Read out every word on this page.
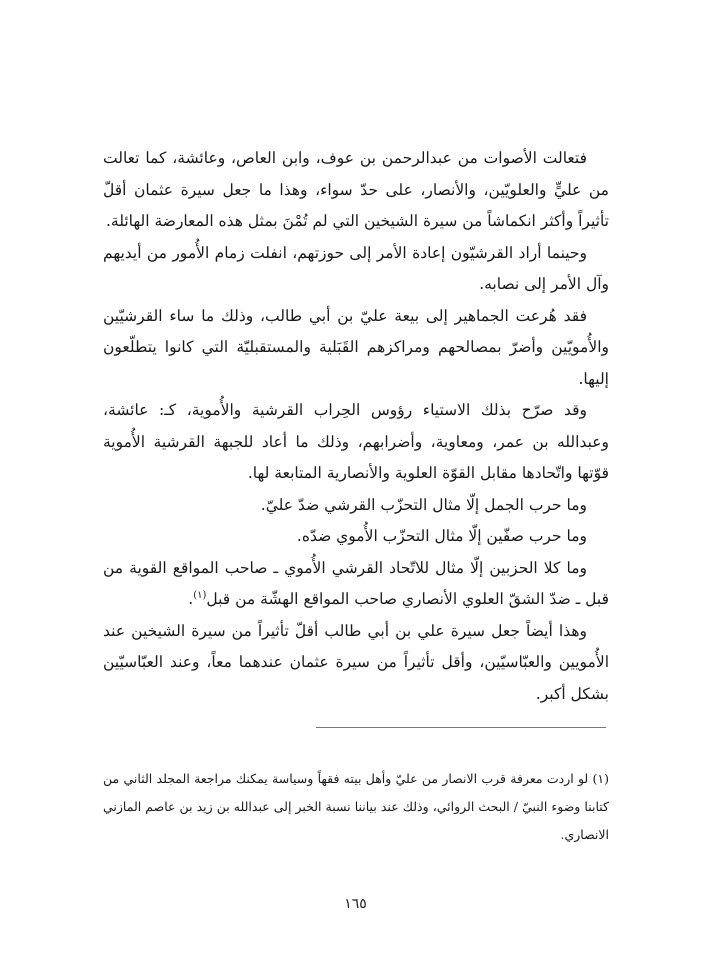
فتعالت الأصوات من عبدالرحمن بن عوف، وابن العاص، وعائشة، كما تعالت من عليٍّ والعلويّين، والأنصار، على حدّ سواء، وهذا ما جعل سيرة عثمان أقلّ تأثيراً وأكثر انكماشاً من سيرة الشيخين التي لم تُمْنَ بمثل هذه المعارضة الهائلة.

وحينما أراد القرشيّون إعادة الأمر إلى حوزتهم، انفلت زمام الأُمور من أيديهم وآل الأمر إلى نصابه.

فقد هُرعت الجماهير إلى بيعة عليّ بن أبي طالب، وذلك ما ساء القرشيّين والأُمويّين وأضرّ بمصالحهم ومراكزهم القَبَلية والمستقبليّة التي كانوا يتطلّعون إليها.

وقد صرّح بذلك الاستياء رؤوس الحِراب القرشية والأُموية، كـ: عائشة، وعبدالله بن عمر، ومعاوية، وأضرابهم، وذلك ما أعاد للجبهة القرشية الأُموية قوّتها واتّحادها مقابل القوّة العلوية والأنصارية المتابعة لها.

وما حرب الجمل إلّا مثال التحزّب القرشي ضدّ عليّ.

وما حرب صفّين إلّا مثال التحزّب الأُموي ضدّه.

وما كلا الحزبين إلّا مثال للاتّحاد القرشي الأُموي ـ صاحب المواقع القوية من قبل ـ ضدّ الشقّ العلوي الأنصاري صاحب المواقع الهشّة من قبل$^{(١)}$.

وهذا أيضاً جعل سيرة علي بن أبي طالب أقلّ تأثيراً من سيرة الشيخين عند الأُمويين والعبّاسيّين، وأقل تأثيراً من سيرة عثمان عندهما معاً، وعند العبّاسيّين بشكل أكبر.

(١) لو اردت معرفة قرب الانصار من عليّ وأهل بيته فقهاً وسياسة يمكنك مراجعة المجلد الثاني من كتابنا وضوء النبيّ / البحث الروائي، وذلك عند بياننا نسبة الخبر إلى عبدالله بن زيد بن عاصم المازني الانصاري.

١٦٥
